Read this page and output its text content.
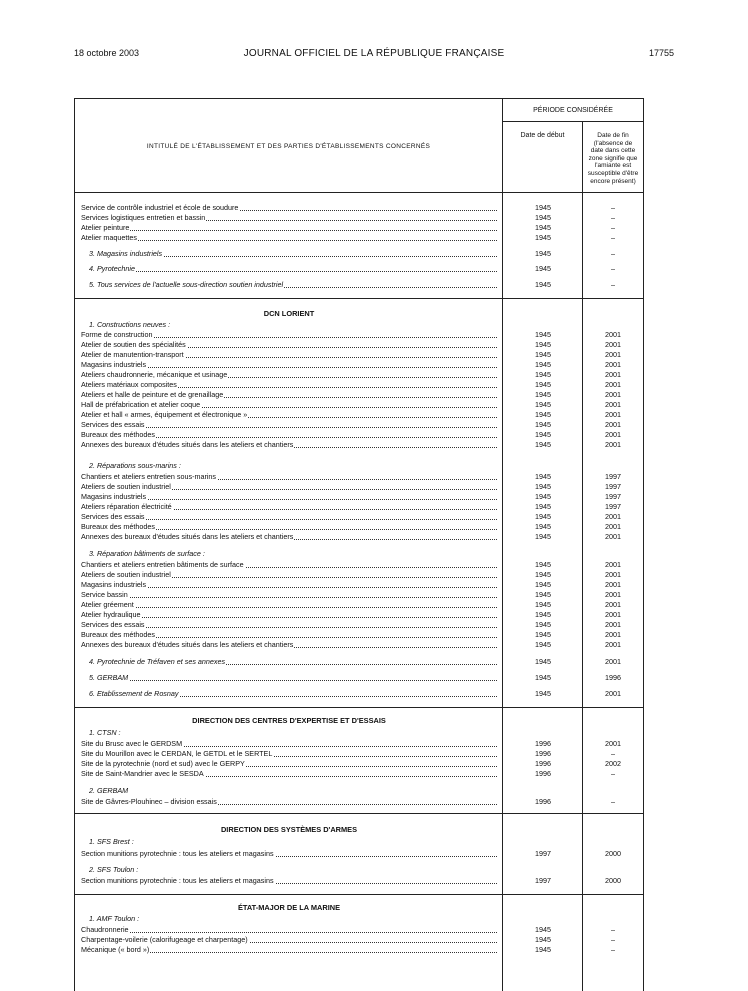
18 octobre 2003	JOURNAL OFFICIEL DE LA RÉPUBLIQUE FRANÇAISE	17755
INTITULÉ DE L'ÉTABLISSEMENT ET DES PARTIES D'ÉTABLISSEMENTS CONCERNÉS
PÉRIODE CONSIDÉRÉE
Date de début	Date de fin (l'absence de date dans cette zone signifie que l'amiante est susceptible d'être encore présent)
DCN LORIENT
DIRECTION DES CENTRES D'EXPERTISE ET D'ESSAIS
DIRECTION DES SYSTÈMES D'ARMES
ÉTAT-MAJOR DE LA MARINE
1. Constructions neuves :
2. Réparations sous-marins :
3. Réparation bâtiments de surface :
1. CTSN :
2. GERBAM
1. SFS Brest :
2. SFS Toulon :
1. AMF Toulon :
Service de contrôle industriel et école de soudure	1945	–
Services logistiques entretien et bassin	1945	–
Atelier peinture	1945	–
Atelier maquettes	1945	–
3. Magasins industriels	1945	–
4. Pyrotechnie	1945	–
5. Tous services de l'actuelle sous-direction soutien industriel	1945	–
Forme de construction	1945	2001
Atelier de soutien des spécialités	1945	2001
Atelier de manutention-transport	1945	2001
Magasins industriels	1945	2001
Ateliers chaudronnerie, mécanique et usinage	1945	2001
Ateliers matériaux composites	1945	2001
Ateliers et halle de peinture et de grenaillage	1945	2001
Hall de préfabrication et atelier coque	1945	2001
Atelier et hall « armes, équipement et électronique »	1945	2001
Services des essais	1945	2001
Bureaux des méthodes	1945	2001
Annexes des bureaux d'études situés dans les ateliers et chantiers	1945	2001
Chantiers et ateliers entretien sous-marins	1945	1997
Ateliers de soutien industriel	1945	1997
Magasins industriels	1945	1997
Ateliers réparation électricité	1945	1997
Services des essais	1945	2001
Bureaux des méthodes	1945	2001
Annexes des bureaux d'études situés dans les ateliers et chantiers	1945	2001
Chantiers et ateliers entretien bâtiments de surface	1945	2001
Ateliers de soutien industriel	1945	2001
Magasins industriels	1945	2001
Service bassin	1945	2001
Atelier gréement	1945	2001
Atelier hydraulique	1945	2001
Services des essais	1945	2001
Bureaux des méthodes	1945	2001
Annexes des bureaux d'études situés dans les ateliers et chantiers	1945	2001
4. Pyrotechnie de Tréfaven et ses annexes	1945	2001
5. GERBAM	1945	1996
6. Etablissement de Rosnay	1945	2001
Site du Brusc avec le GERDSM	1996	2001
Site du Mourillon avec le CERDAN, le GETDL et le SERTEL	1996	–
Site de la pyrotechnie (nord et sud) avec le GERPY	1996	2002
Site de Saint-Mandrier avec le SESDA	1996	–
Site de Gâvres-Plouhinec – division essais	1996	–
Section munitions pyrotechnie : tous les ateliers et magasins	1997	2000
Section munitions pyrotechnie : tous les ateliers et magasins	1997	2000
Chaudronnerie	1945	–
Charpentage-voilerie (calorifugeage et charpentage)	1945	–
Mécanique (« bord »)	1945	–
